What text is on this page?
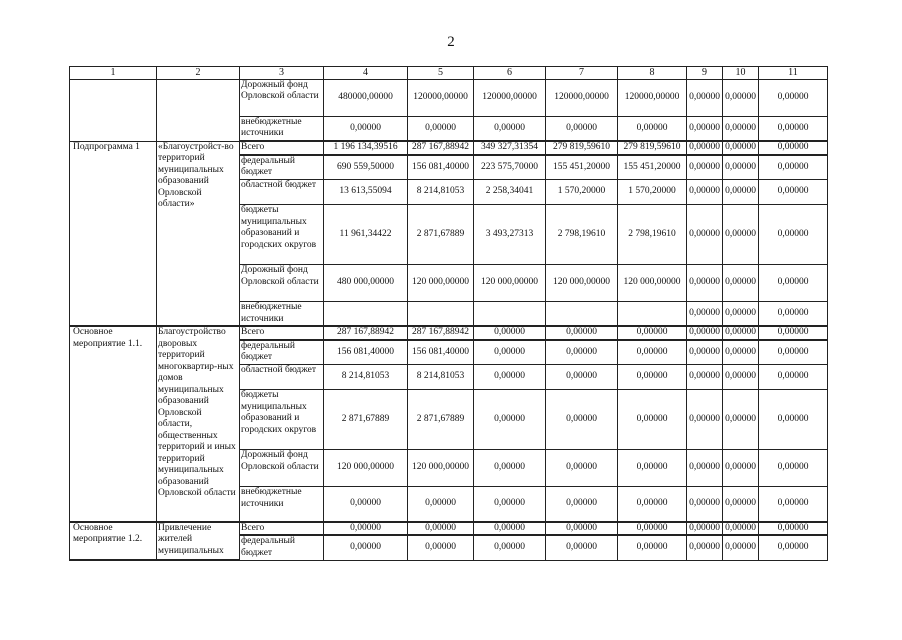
2
1	2	3	4	5	6	7	8	9	10	11
		Дорожный фонд Орловской области	480000,00000	120000,00000	120000,00000	120000,00000	120000,00000	0,00000	0,00000	0,00000
		внебюджетные источники	0,00000	0,00000	0,00000	0,00000	0,00000	0,00000	0,00000	0,00000
Подпрограмма 1	«Благоустройст-во территорий муниципальных образований Орловской области»	Всего	1 196 134,39516	287 167,88942	349 327,31354	279 819,59610	279 819,59610	0,00000	0,00000	0,00000
		федеральный бюджет	690 559,50000	156 081,40000	223 575,70000	155 451,20000	155 451,20000	0,00000	0,00000	0,00000
		областной бюджет	13 613,55094	8 214,81053	2 258,34041	1 570,20000	1 570,20000	0,00000	0,00000	0,00000
		бюджеты муниципальных образований и городских округов	11 961,34422	2 871,67889	3 493,27313	2 798,19610	2 798,19610	0,00000	0,00000	0,00000
		Дорожный фонд Орловской области	480 000,00000	120 000,00000	120 000,00000	120 000,00000	120 000,00000	0,00000	0,00000	0,00000
		внебюджетные источники						0,00000	0,00000	0,00000
Основное мероприятие 1.1.	Благоустройство дворовых территорий многоквартир-ных домов муниципальных образований Орловской области, общественных территорий и иных территорий муниципальных образований Орловской области	Всего	287 167,88942	287 167,88942	0,00000	0,00000	0,00000	0,00000	0,00000	0,00000
		федеральный бюджет	156 081,40000	156 081,40000	0,00000	0,00000	0,00000	0,00000	0,00000	0,00000
		областной бюджет	8 214,81053	8 214,81053	0,00000	0,00000	0,00000	0,00000	0,00000	0,00000
		бюджеты муниципальных образований и городских округов	2 871,67889	2 871,67889	0,00000	0,00000	0,00000	0,00000	0,00000	0,00000
		Дорожный фонд Орловской области	120 000,00000	120 000,00000	0,00000	0,00000	0,00000	0,00000	0,00000	0,00000
		внебюджетные источники	0,00000	0,00000	0,00000	0,00000	0,00000	0,00000	0,00000	0,00000
Основное мероприятие 1.2.	Привлечение жителей муниципальных	Всего	0,00000	0,00000	0,00000	0,00000	0,00000	0,00000	0,00000	0,00000
		федеральный бюджет	0,00000	0,00000	0,00000	0,00000	0,00000	0,00000	0,00000	0,00000
